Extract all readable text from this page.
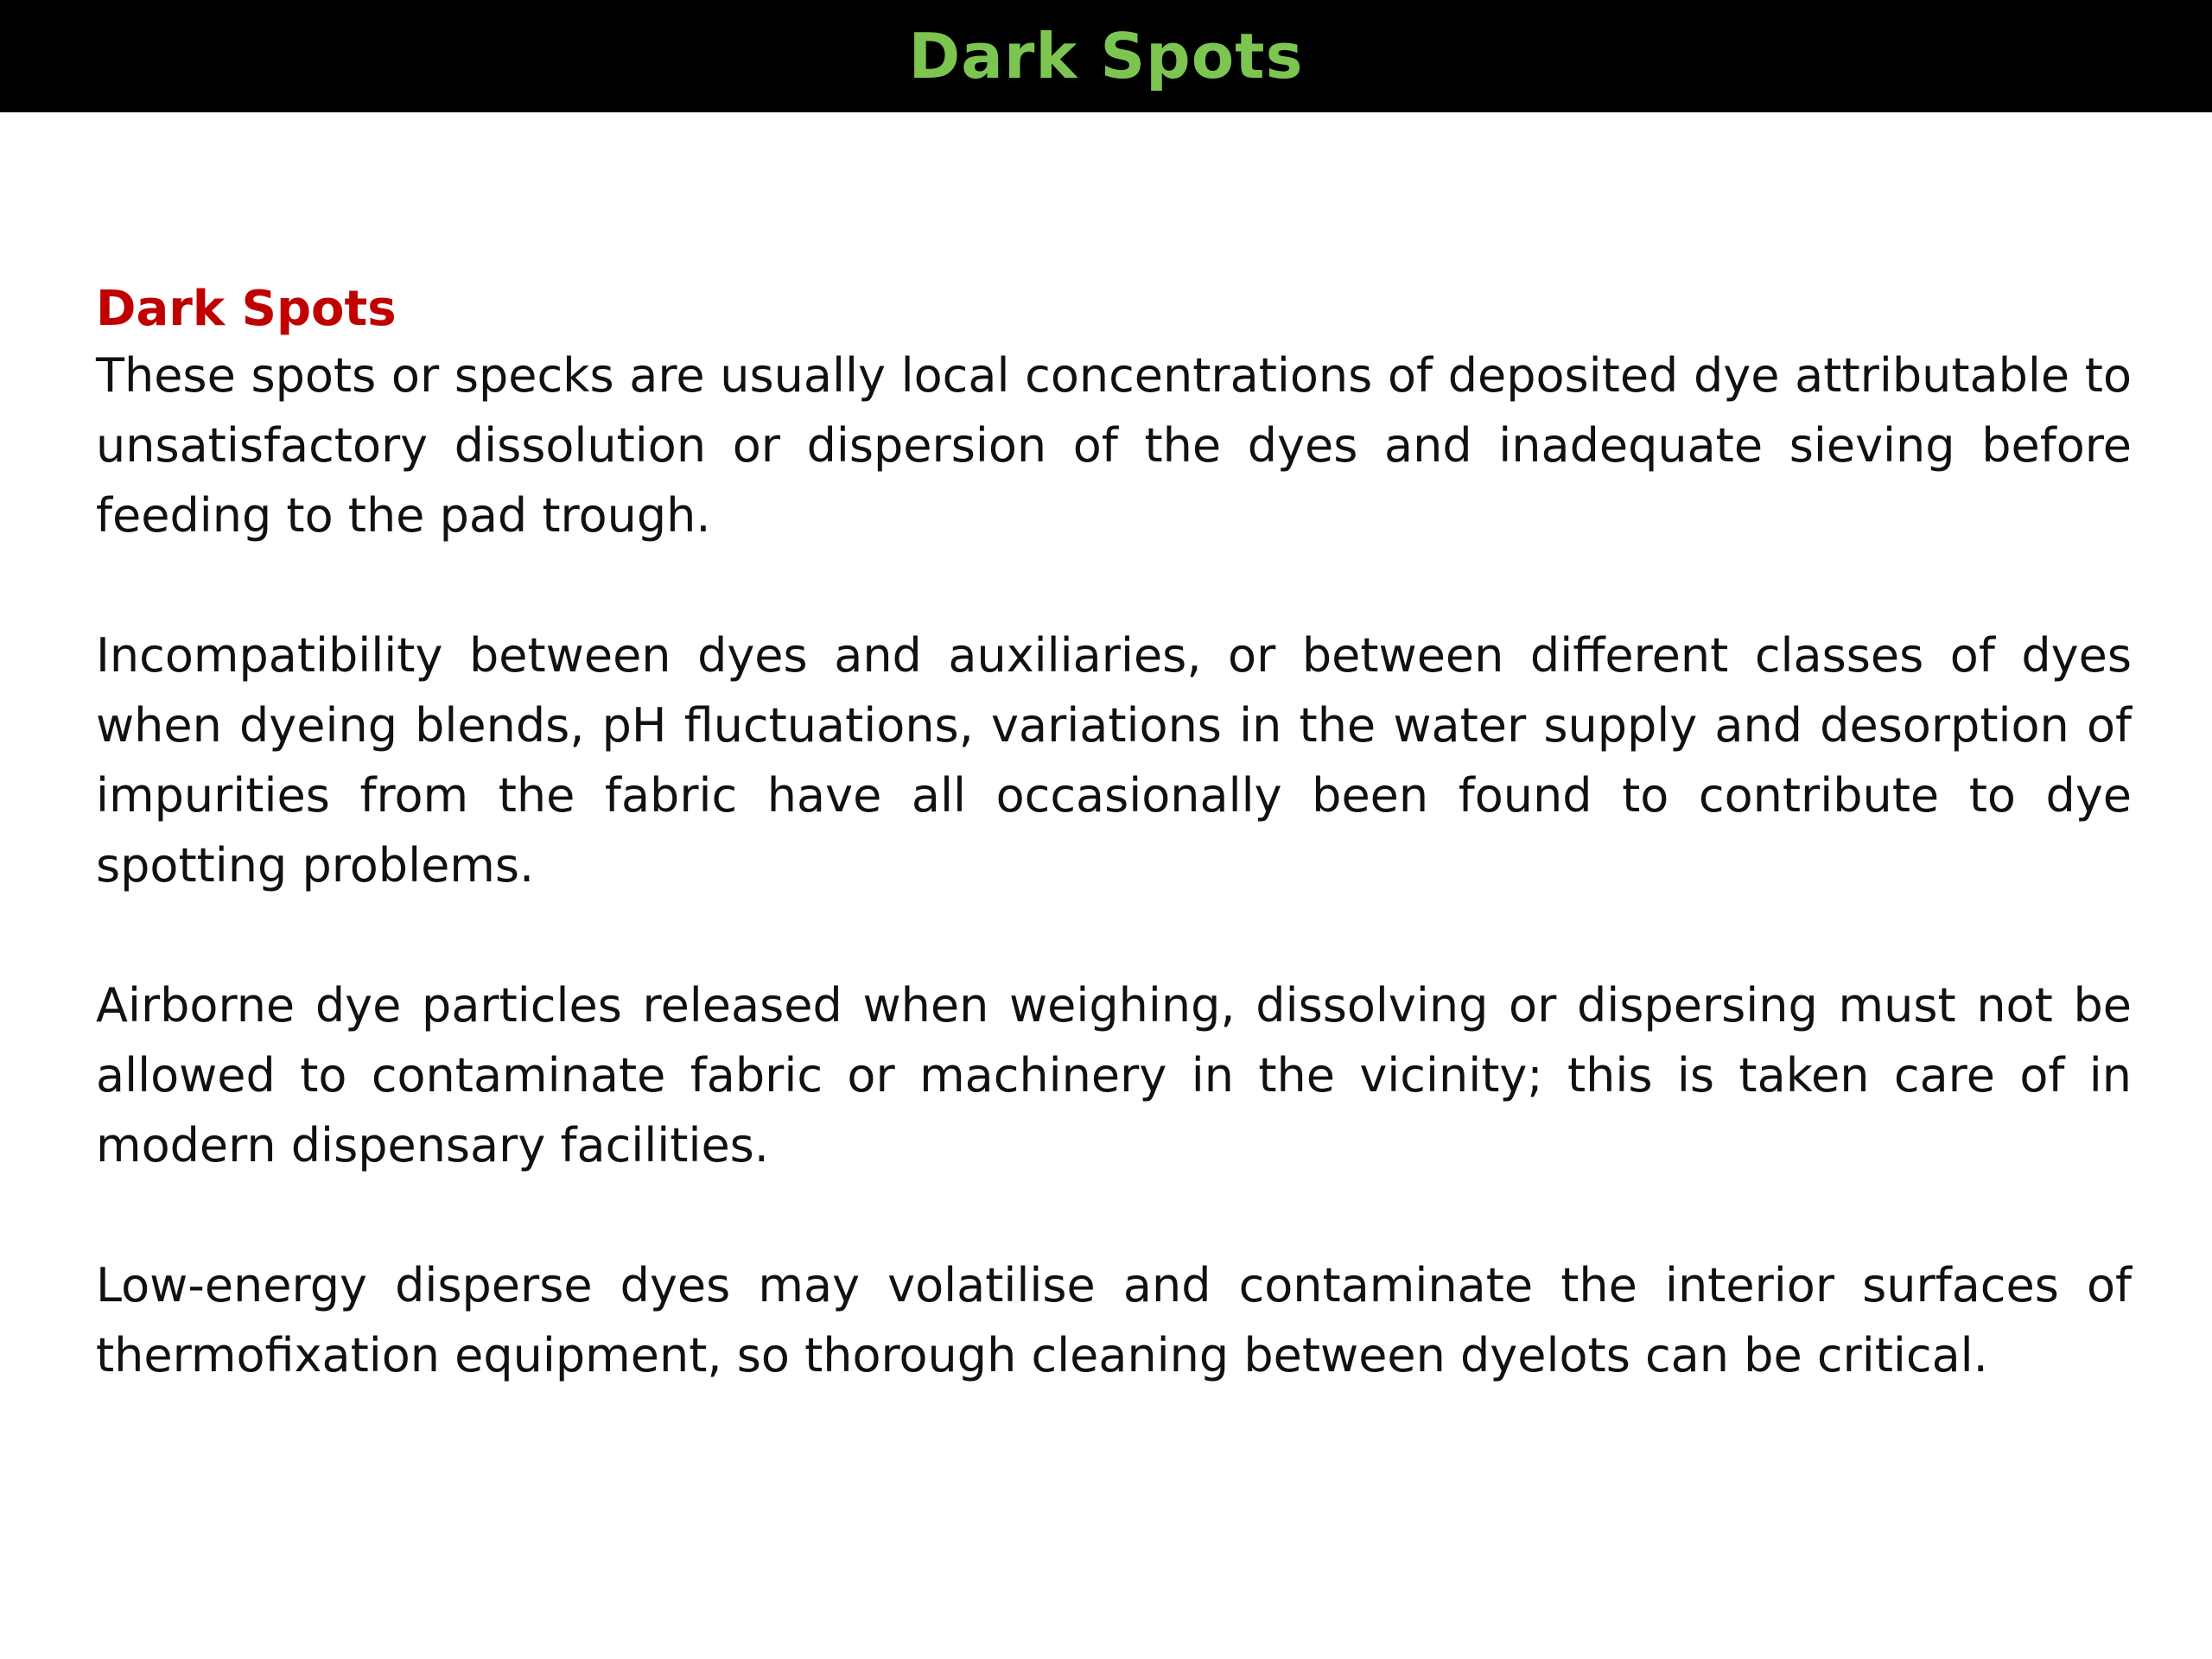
Dark Spots

Dark Spots

These spots or specks are usually local concentrations of deposited dye attributable to unsatisfactory dissolution or dispersion of the dyes and inadequate sieving before feeding to the pad trough.

Incompatibility between dyes and auxiliaries, or between different classes of dyes when dyeing blends, pH fluctuations, variations in the water supply and desorption of impurities from the fabric have all occasionally been found to contribute to dye spotting problems.

Airborne dye particles released when weighing, dissolving or dispersing must not be allowed to contaminate fabric or machinery in the vicinity; this is taken care of in modern dispensary facilities.

Low-energy disperse dyes may volatilise and contaminate the interior surfaces of thermofixation equipment, so thorough cleaning between dyelots can be critical.
